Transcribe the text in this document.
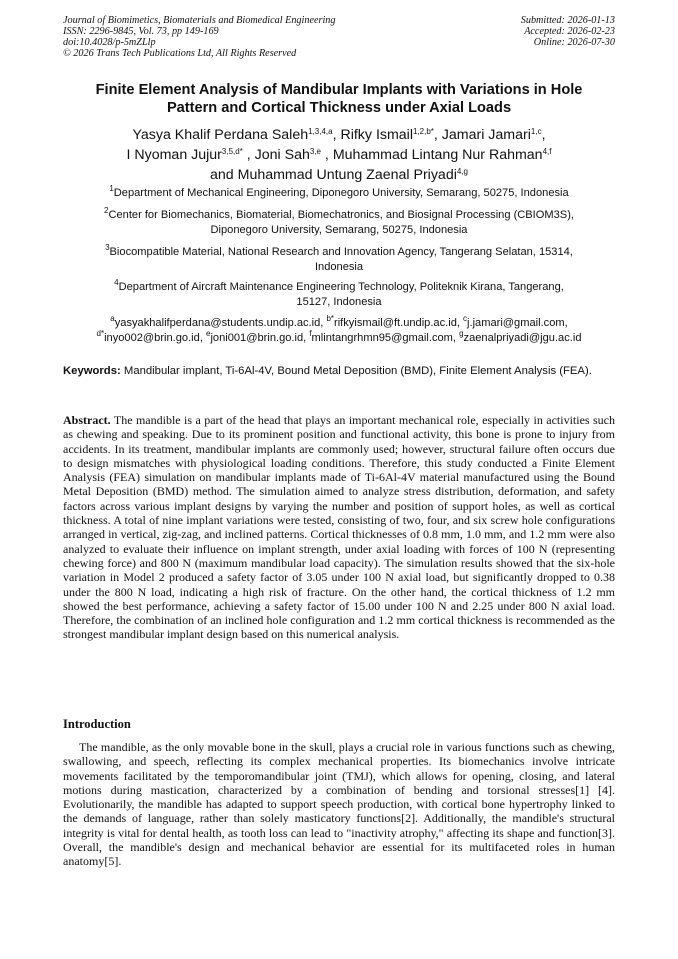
Journal of Biomimetics, Biomaterials and Biomedical Engineering
ISSN: 2296-9845, Vol. 73, pp 149-169
doi:10.4028/p-5mZLlp
© 2026 Trans Tech Publications Ltd, All Rights Reserved
Submitted: 2026-01-13
Accepted: 2026-02-23
Online: 2026-07-30
Finite Element Analysis of Mandibular Implants with Variations in Hole
Pattern and Cortical Thickness under Axial Loads
Yasya Khalif Perdana Saleh$^{1,3,4,a}$, Rifky Ismail$^{1,2,b*}$, Jamari Jamari$^{1,c}$,
I Nyoman Jujur$^{3,5,d*}$ , Joni Sah$^{3,e}$ , Muhammad Lintang Nur Rahman$^{4,f}$
and Muhammad Untung Zaenal Priyadi$^{4,g}$
$^1$Department of Mechanical Engineering, Diponegoro University, Semarang, 50275, Indonesia
$^2$Center for Biomechanics, Biomaterial, Biomechatronics, and Biosignal Processing (CBIOM3S),
Diponegoro University, Semarang, 50275, Indonesia
$^3$Biocompatible Material, National Research and Innovation Agency, Tangerang Selatan, 15314,
Indonesia
$^4$Department of Aircraft Maintenance Engineering Technology, Politeknik Kirana, Tangerang,
15127, Indonesia
$^a$yasyakhalifperdana@students.undip.ac.id, $^{b*}$rifkyismail@ft.undip.ac.id, $^c$j.jamari@gmail.com,
$^{d*}$inyo002@brin.go.id, $^e$joni001@brin.go.id, $^f$mlintangrhmn95@gmail.com, $^g$zaenalpriyadi@jgu.ac.id
Keywords: Mandibular implant, Ti-6Al-4V, Bound Metal Deposition (BMD), Finite Element Analysis (FEA).
Abstract. The mandible is a part of the head that plays an important mechanical role, especially in activities such as chewing and speaking. Due to its prominent position and functional activity, this bone is prone to injury from accidents. In its treatment, mandibular implants are commonly used; however, structural failure often occurs due to design mismatches with physiological loading conditions. Therefore, this study conducted a Finite Element Analysis (FEA) simulation on mandibular implants made of Ti-6Al-4V material manufactured using the Bound Metal Deposition (BMD) method. The simulation aimed to analyze stress distribution, deformation, and safety factors across various implant designs by varying the number and position of support holes, as well as cortical thickness. A total of nine implant variations were tested, consisting of two, four, and six screw hole configurations arranged in vertical, zig-zag, and inclined patterns. Cortical thicknesses of 0.8 mm, 1.0 mm, and 1.2 mm were also analyzed to evaluate their influence on implant strength, under axial loading with forces of 100 N (representing chewing force) and 800 N (maximum mandibular load capacity). The simulation results showed that the six-hole variation in Model 2 produced a safety factor of 3.05 under 100 N axial load, but significantly dropped to 0.38 under the 800 N load, indicating a high risk of fracture. On the other hand, the cortical thickness of 1.2 mm showed the best performance, achieving a safety factor of 15.00 under 100 N and 2.25 under 800 N axial load. Therefore, the combination of an inclined hole configuration and 1.2 mm cortical thickness is recommended as the strongest mandibular implant design based on this numerical analysis.
Introduction
The mandible, as the only movable bone in the skull, plays a crucial role in various functions such as chewing, swallowing, and speech, reflecting its complex mechanical properties. Its biomechanics involve intricate movements facilitated by the temporomandibular joint (TMJ), which allows for opening, closing, and lateral motions during mastication, characterized by a combination of bending and torsional stresses[1] [4]. Evolutionarily, the mandible has adapted to support speech production, with cortical bone hypertrophy linked to the demands of language, rather than solely masticatory functions[2]. Additionally, the mandible's structural integrity is vital for dental health, as tooth loss can lead to "inactivity atrophy," affecting its shape and function[3]. Overall, the mandible's design and mechanical behavior are essential for its multifaceted roles in human anatomy[5].
